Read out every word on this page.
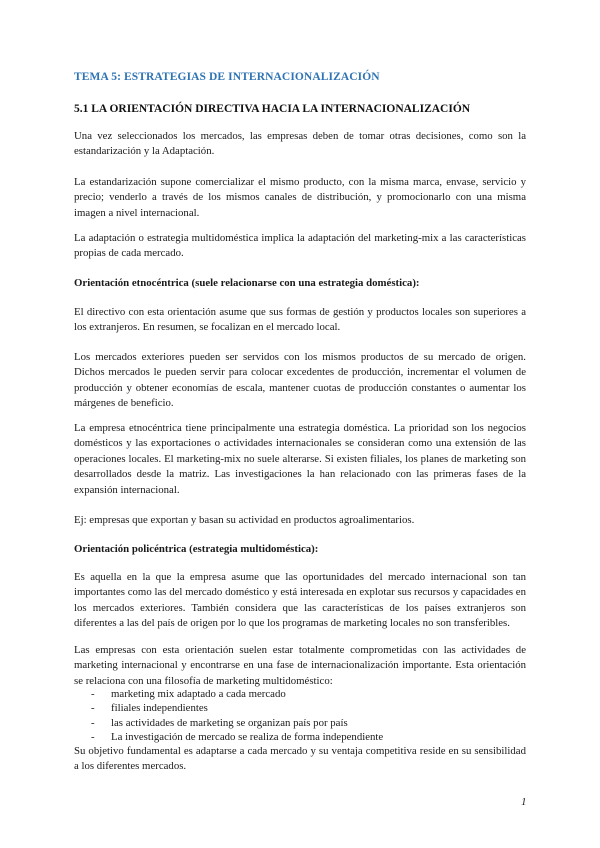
TEMA 5: ESTRATEGIAS DE INTERNACIONALIZACIÓN
5.1 LA ORIENTACIÓN DIRECTIVA HACIA LA INTERNACIONALIZACIÓN

Una vez seleccionados los mercados, las empresas deben de tomar otras decisiones, como son la estandarización y la Adaptación.

La estandarización supone comercializar el mismo producto, con la misma marca, envase, servicio y precio; venderlo a través de los mismos canales de distribución, y promocionarlo con una misma imagen a nivel internacional.

La adaptación o estrategia multidoméstica implica la adaptación del marketing-mix a las características propias de cada mercado.

Orientación etnocéntrica (suele relacionarse con una estrategia doméstica):

El directivo con esta orientación asume que sus formas de gestión y productos locales son superiores a los extranjeros. En resumen, se focalizan en el mercado local.

Los mercados exteriores pueden ser servidos con los mismos productos de su mercado de origen. Dichos mercados le pueden servir para colocar excedentes de producción, incrementar el volumen de producción y obtener economías de escala, mantener cuotas de producción constantes o aumentar los márgenes de beneficio.

La empresa etnocéntrica tiene principalmente una estrategia doméstica. La prioridad son los negocios domésticos y las exportaciones o actividades internacionales se consideran como una extensión de las operaciones locales. El marketing-mix no suele alterarse. Si existen filiales, los planes de marketing son desarrollados desde la matriz. Las investigaciones la han relacionado con las primeras fases de la expansión internacional.

Ej: empresas que exportan y basan su actividad en productos agroalimentarios.

Orientación policéntrica (estrategia multidoméstica):

Es aquella en la que la empresa asume que las oportunidades del mercado internacional son tan importantes como las del mercado doméstico y está interesada en explotar sus recursos y capacidades en los mercados exteriores. También considera que las características de los países extranjeros son diferentes a las del país de origen por lo que los programas de marketing locales no son transferibles.

Las empresas con esta orientación suelen estar totalmente comprometidas con las actividades de marketing internacional y encontrarse en una fase de internacionalización importante. Esta orientación se relaciona con una filosofía de marketing multidoméstico:

- marketing mix adaptado a cada mercado
- filiales independientes
- las actividades de marketing se organizan país por país
- La investigación de mercado se realiza de forma independiente

Su objetivo fundamental es adaptarse a cada mercado y su ventaja competitiva reside en su sensibilidad a los diferentes mercados.

1
